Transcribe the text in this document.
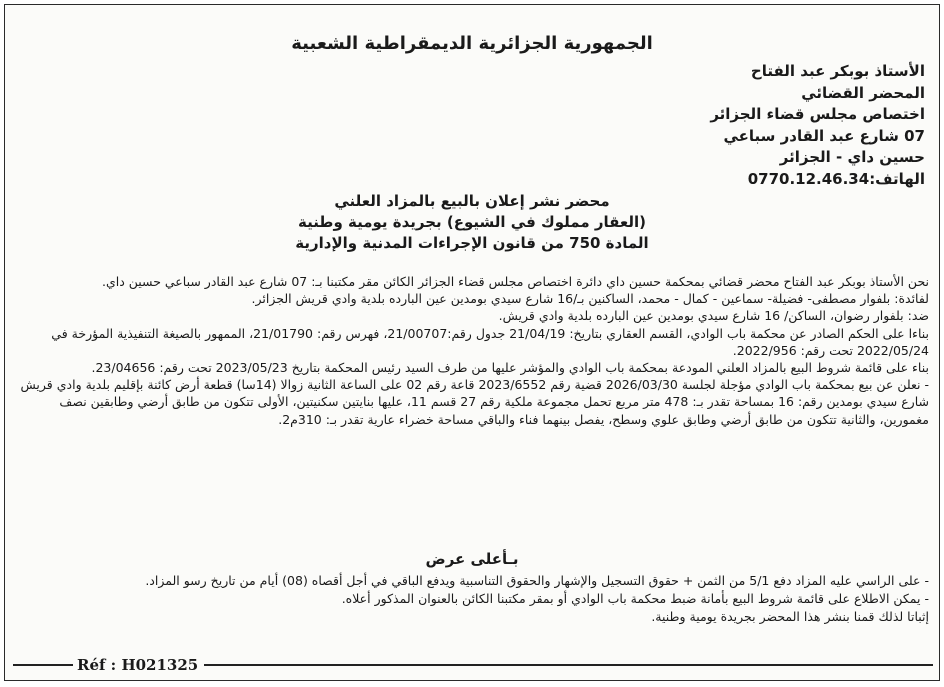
الجمهورية الجزائرية الديمقراطية الشعبية
الأستاذ بوبكر عبد الفتاح
المحضر القضائي
اختصاص مجلس قضاء الجزائر
07 شارع عبد القادر سباعي
حسين داي - الجزائر
الهاتف:0770.12.46.34
محضر نشر إعلان بالبيع بالمزاد العلني
(العقار مملوك في الشيوع) بجريدة يومية وطنية
المادة 750 من قانون الإجراءات المدنية والإدارية

نحن الأستاذ بوبكر عبد الفتاح محضر قضائي بمحكمة حسين داي دائرة اختصاص مجلس قضاء الجزائر الكائن مقر مكتبنا بـ: 07 شارع عبد القادر سباعي حسين داي.

لفائدة: بلفوار مصطفى- فضيلة- سماعين - كمال - محمد، الساكنين بـ/16 شارع سيدي بومدين عين البارده بلدية وادي قريش الجزائر.

ضد: بلفوار رضوان، الساكن/ 16 شارع سيدي بومدين عين البارده بلدية وادي قريش.

بناءا على الحكم الصادر عن محكمة باب الوادي، القسم العقاري بتاريخ: 21/04/19 جدول رقم:21/00707، فهرس رقم: 21/01790، الممهور بالصيغة التنفيذية المؤرخة في 2022/05/24 تحت رقم: 2022/956.

بناء على قائمة شروط البيع بالمزاد العلني المودعة بمحكمة باب الوادي والمؤشر عليها من طرف السيد رئيس المحكمة بتاريخ 2023/05/23 تحت رقم: 23/04656.

- نعلن عن بيع بمحكمة باب الوادي مؤجلة لجلسة 2026/03/30 قضية رقم 2023/6552 قاعة رقم 02 على الساعة الثانية زوالا (14سا) قطعة أرض كائنة بإقليم بلدية وادي قريش شارع سيدي بومدين رقم: 16 بمساحة تقدر بـ: 478 متر مربع تحمل مجموعة ملكية رقم 27 قسم 11، عليها بنايتين سكنيتين، الأولى تتكون من طابق أرضي وطابقين نصف مغمورين، والثانية تتكون من طابق أرضي وطابق علوي وسطح، يفصل بينهما فناء والباقي مساحة خضراء عارية تقدر بـ: 310م2.

بـأعلى عرض

- على الراسي عليه المزاد دفع 5/1 من الثمن + حقوق التسجيل والإشهار والحقوق التناسبية ويدفع الباقي في أجل أقصاه (08) أيام من تاريخ رسو المزاد.

- يمكن الاطلاع على قائمة شروط البيع بأمانة ضبط محكمة باب الوادي أو بمقر مكتبنا الكائن بالعنوان المذكور أعلاه.

إثباتا لذلك قمنا بنشر هذا المحضر بجريدة يومية وطنية.

Réf : H021325
